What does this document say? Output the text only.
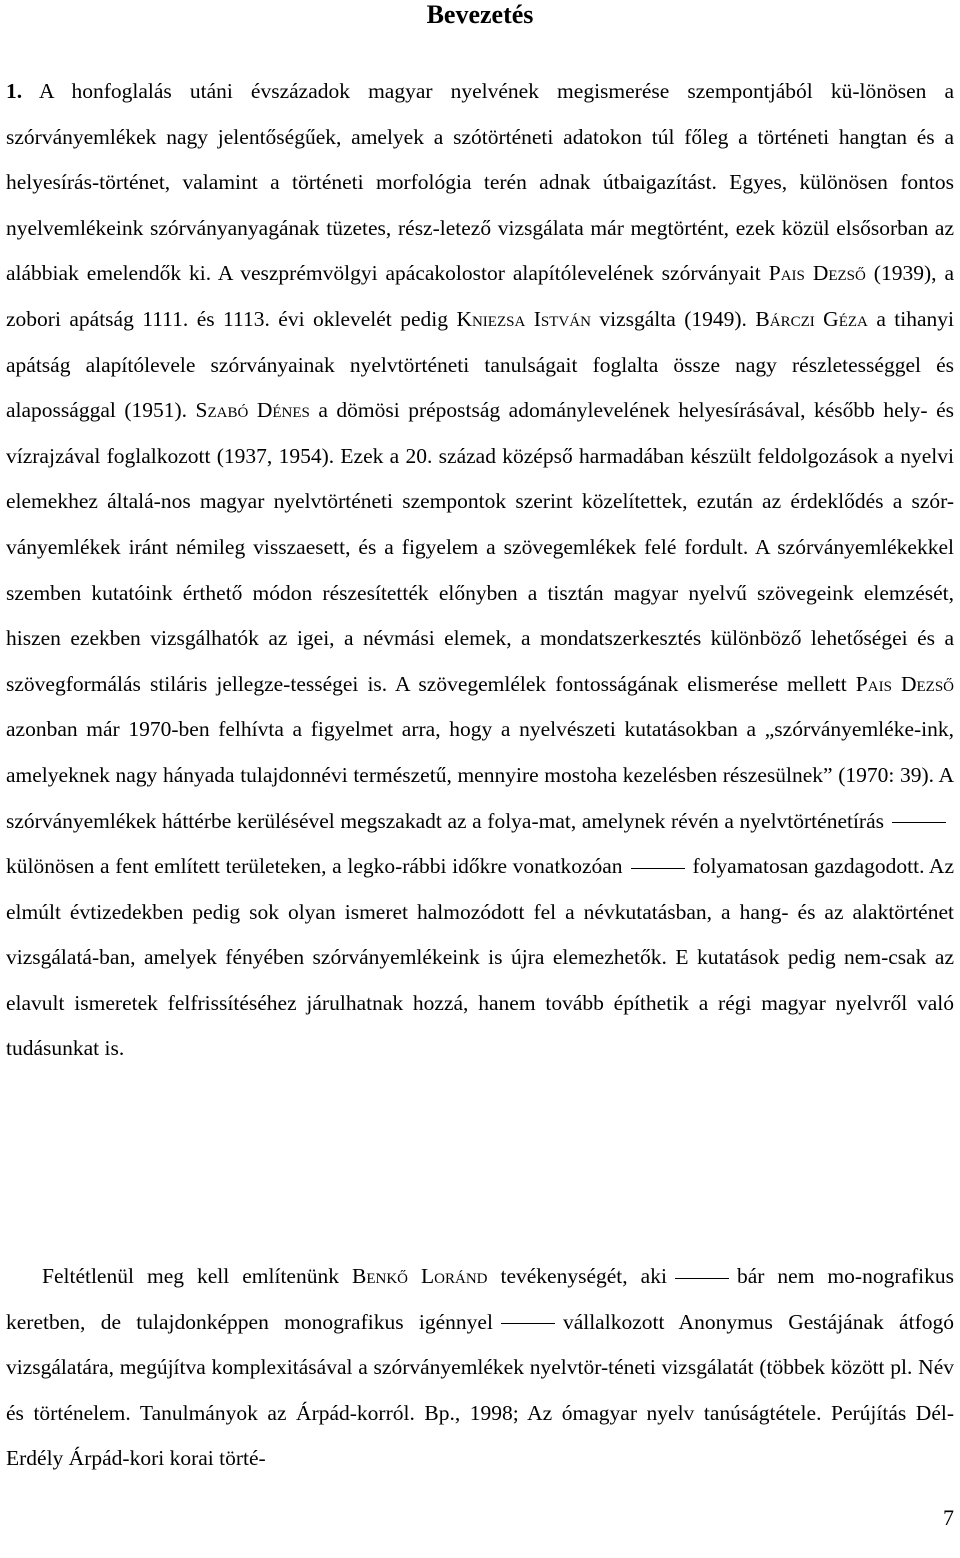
Bevezetés

1. A honfoglalás utáni évszázadok magyar nyelvének megismerése szempontjából kü-lönösen a szórványemlékek nagy jelentőségűek, amelyek a szótörténeti adatokon túl főleg a történeti hangtan és a helyesírás-történet, valamint a történeti morfológia terén adnak útbaigazítást. Egyes, különösen fontos nyelvemlékeink szórványanyagának tüzetes, rész-letező vizsgálata már megtörtént, ezek közül elsősorban az alábbiak emelendők ki. A veszprémvölgyi apácakolostor alapítólevelének szórványait Pais Dezső (1939), a zobori apátság 1111. és 1113. évi oklevelét pedig Kniezsa István vizsgálta (1949). Bárczi Géza a tihanyi apátság alapítólevele szórványainak nyelvtörténeti tanulságait foglalta össze nagy részletességgel és alapossággal (1951). Szabó Dénes a dömösi prépostság adománylevelének helyesírásával, később hely- és vízrajzával foglalkozott (1937, 1954). Ezek a 20. század középső harmadában készült feldolgozások a nyelvi elemekhez általá-nos magyar nyelvtörténeti szempontok szerint közelítettek, ezután az érdeklődés a szór-ványemlékek iránt némileg visszaesett, és a figyelem a szövegemlékek felé fordult. A szórványemlékekkel szemben kutatóink érthető módon részesítették előnyben a tisztán magyar nyelvű szövegeink elemzését, hiszen ezekben vizsgálhatók az igei, a névmási elemek, a mondatszerkesztés különböző lehetőségei és a szövegformálás stiláris jellegze-tességei is. A szövegemlélek fontosságának elismerése mellett Pais Dezső azonban már 1970-ben felhívta a figyelmet arra, hogy a nyelvészeti kutatásokban a „szórványemléke-ink, amelyeknek nagy hányada tulajdonnévi természetű, mennyire mostoha kezelésben részesülnek” (1970: 39). A szórványemlékek háttérbe kerülésével megszakadt az a folya-mat, amelynek révén a nyelvtörténetíráskülönösen a fent említett területeken, a legko-rábbi időkre vonatkozóan	folyamatosan gazdagodott. Az elmúlt évtizedekben pedig sok olyan ismeret halmozódott fel a névkutatásban, a hang- és az alaktörténet vizsgálatá-ban, amelyek fényében szórványemlékeink is újra elemezhetők. E kutatások pedig nem-csak az elavult ismeretek felfrissítéséhez járulhatnak hozzá, hanem tovább építhetik a régi magyar nyelvről való tudásunkat is.

Feltétlenül meg kell említenünk Benkő Loránd tevékenységét, aki	bár nem mo-nografikus keretben, de tulajdonképpen monografikus igénnyel	vállalkozott Anonymus Gestájának átfogó vizsgálatára, megújítva komplexitásával a szórványemlékek nyelvtör-téneti vizsgálatát (többek között pl. Név és történelem. Tanulmányok az Árpád-korról. Bp., 1998; Az ómagyar nyelv tanúságtétele. Perújítás Dél-Erdély Árpád-kori korai törté-

7
